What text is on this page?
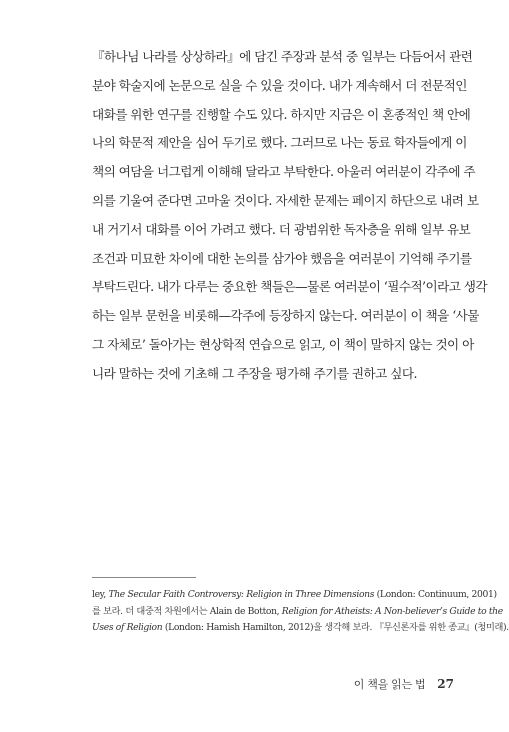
『하나님 나라를 상상하라』에 담긴 주장과 분석 중 일부는 다듬어서 관련
분야 학술지에 논문으로 실을 수 있을 것이다. 내가 계속해서 더 전문적인
대화를 위한 연구를 진행할 수도 있다. 하지만 지금은 이 혼종적인 책 안에
나의 학문적 제안을 심어 두기로 했다. 그러므로 나는 동료 학자들에게 이
책의 여담을 너그럽게 이해해 달라고 부탁한다. 아울러 여러분이 각주에 주
의를 기울여 준다면 고마울 것이다. 자세한 문제는 페이지 하단으로 내려 보
내 거기서 대화를 이어 가려고 했다. 더 광범위한 독자층을 위해 일부 유보
조건과 미묘한 차이에 대한 논의를 삼가야 했음을 여러분이 기억해 주기를
부탁드린다. 내가 다루는 중요한 책들은—물론 여러분이 ‘필수적’이라고 생각
하는 일부 문헌을 비롯해—각주에 등장하지 않는다. 여러분이 이 책을 ‘사물
그 자체로’ 돌아가는 현상학적 연습으로 읽고, 이 책이 말하지 않는 것이 아
니라 말하는 것에 기초해 그 주장을 평가해 주기를 권하고 싶다.
ley, The Secular Faith Controversy: Religion in Three Dimensions (London: Continuum, 2001)
를 보라. 더 대중적 차원에서는 Alain de Botton, Religion for Atheists: A Non-believer’s Guide to the
Uses of Religion (London: Hamish Hamilton, 2012)을 생각해 보라. 『무신론자를 위한 종교』(청미래).
이 책을 읽는 법 27
